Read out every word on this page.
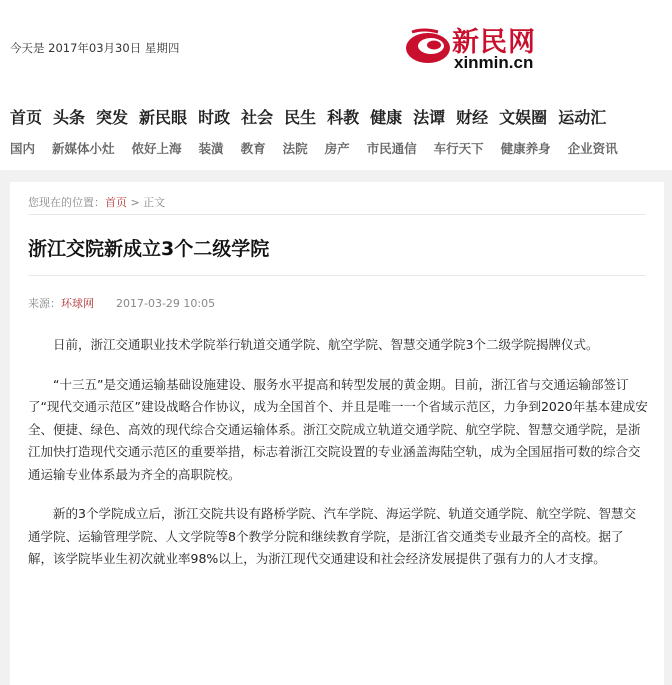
今天是 2017年03月30日 星期四	新民网
xinmin.cn
首页 头条 突发 新民眼 时政 社会 民生 科教 健康 法谭 财经 文娱圈 运动汇
国内 新媒体小灶 侬好上海 装潢 教育 法院 房产 市民通信 车行天下 健康养身 企业资讯
您现在的位置：首页 > 正文
浙江交院新成立3个二级学院
来源：环球网 2017-03-29 10:05

日前，浙江交通职业技术学院举行轨道交通学院、航空学院、智慧交通学院3个二级学院揭牌仪式。

“十三五”是交通运输基础设施建设、服务水平提高和转型发展的黄金期。目前，浙江省与交通运输部签订了“现代交通示范区”建设战略合作协议，成为全国首个、并且是唯一一个省域示范区，力争到2020年基本建成安全、便捷、绿色、高效的现代综合交通运输体系。浙江交院成立轨道交通学院、航空学院、智慧交通学院，是浙江加快打造现代交通示范区的重要举措，标志着浙江交院设置的专业涵盖海陆空轨，成为全国屈指可数的综合交通运输专业体系最为齐全的高职院校。

新的3个学院成立后，浙江交院共设有路桥学院、汽车学院、海运学院、轨道交通学院、航空学院、智慧交通学院、运输管理学院、人文学院等8个教学分院和继续教育学院，是浙江省交通类专业最齐全的高校。据了解，该学院毕业生初次就业率98%以上，为浙江现代交通建设和社会经济发展提供了强有力的人才支撑。
